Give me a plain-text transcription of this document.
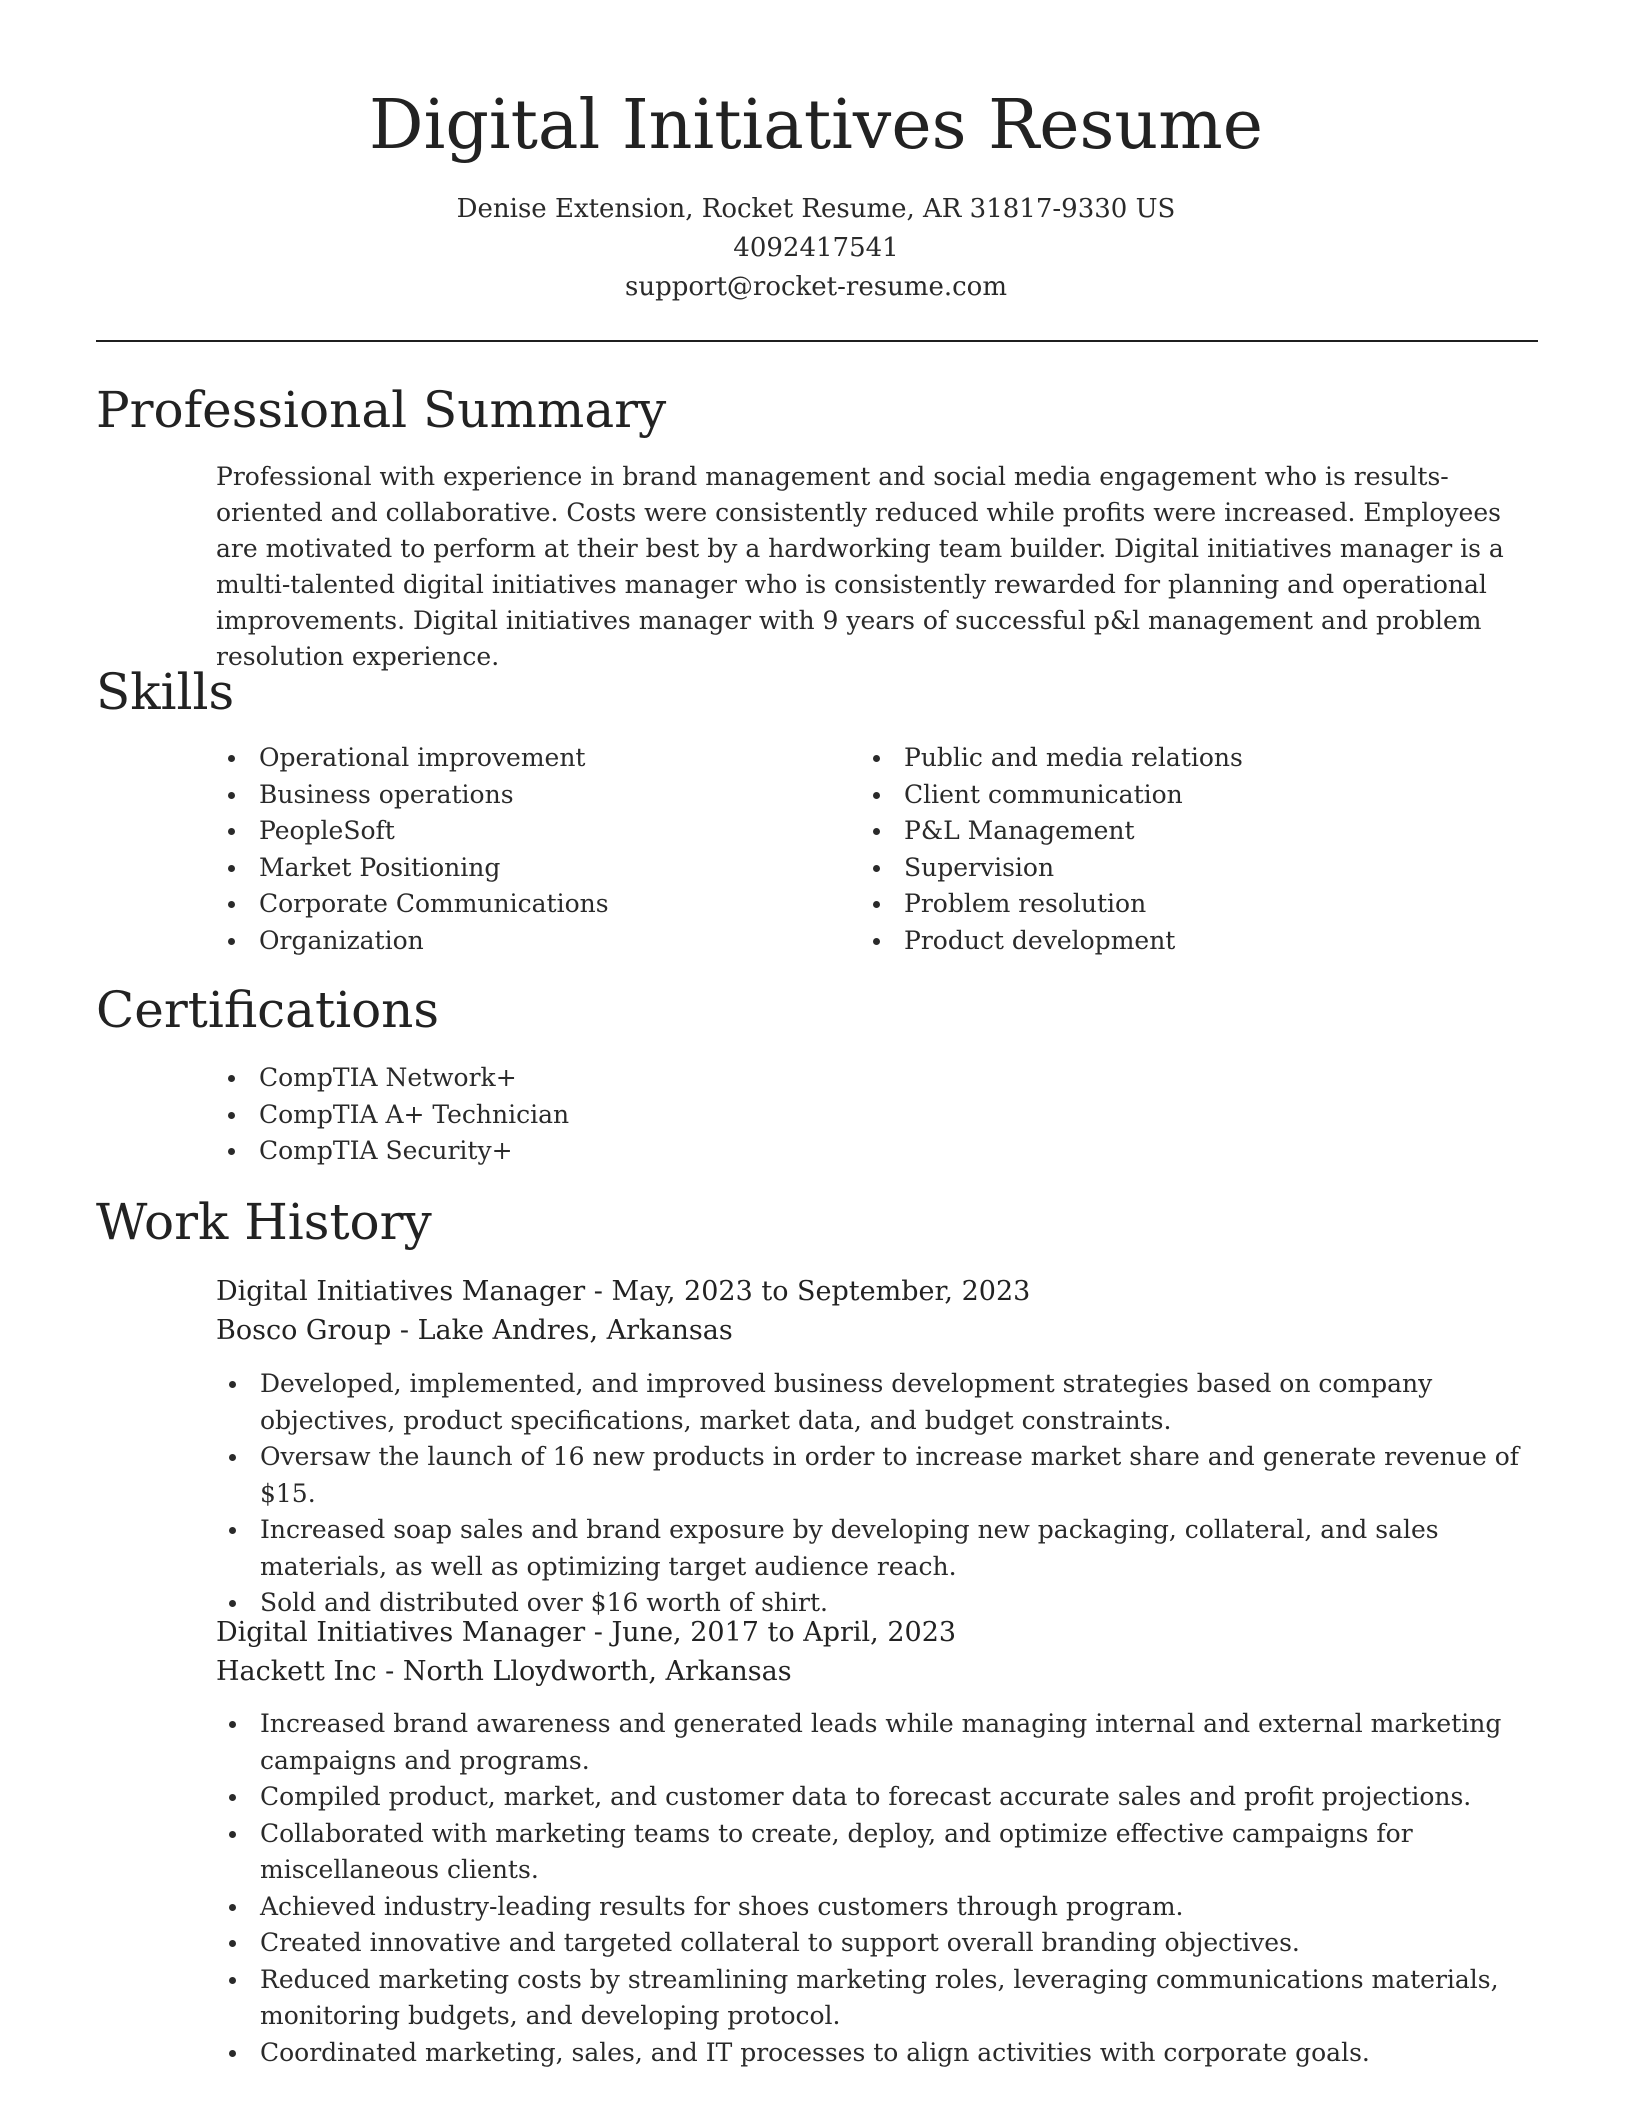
Digital Initiatives Resume
Denise Extension, Rocket Resume, AR 31817-9330 US
4092417541
support@rocket-resume.com
Professional Summary

Professional with experience in brand management and social media engagement who is results-oriented and collaborative. Costs were consistently reduced while profits were increased. Employees are motivated to perform at their best by a hardworking team builder. Digital initiatives manager is a multi-talented digital initiatives manager who is consistently rewarded for planning and operational improvements. Digital initiatives manager with 9 years of successful p&l management and problem resolution experience.

Skills
Operational improvement
Business operations
PeopleSoft
Market Positioning
Corporate Communications
Organization
Public and media relations
Client communication
P&L Management
Supervision
Problem resolution
Product development
Certifications
CompTIA Network+
CompTIA A+ Technician
CompTIA Security+
Work History
Digital Initiatives Manager - May, 2023 to September, 2023
Bosco Group - Lake Andres, Arkansas
Developed, implemented, and improved business development strategies based on company objectives, product specifications, market data, and budget constraints.
Oversaw the launch of 16 new products in order to increase market share and generate revenue of $15.
Increased soap sales and brand exposure by developing new packaging, collateral, and sales materials, as well as optimizing target audience reach.
Sold and distributed over $16 worth of shirt.
Digital Initiatives Manager - June, 2017 to April, 2023
Hackett Inc - North Lloydworth, Arkansas
Increased brand awareness and generated leads while managing internal and external marketing campaigns and programs.
Compiled product, market, and customer data to forecast accurate sales and profit projections.
Collaborated with marketing teams to create, deploy, and optimize effective campaigns for miscellaneous clients.
Achieved industry-leading results for shoes customers through program.
Created innovative and targeted collateral to support overall branding objectives.
Reduced marketing costs by streamlining marketing roles, leveraging communications materials, monitoring budgets, and developing protocol.
Coordinated marketing, sales, and IT processes to align activities with corporate goals.
